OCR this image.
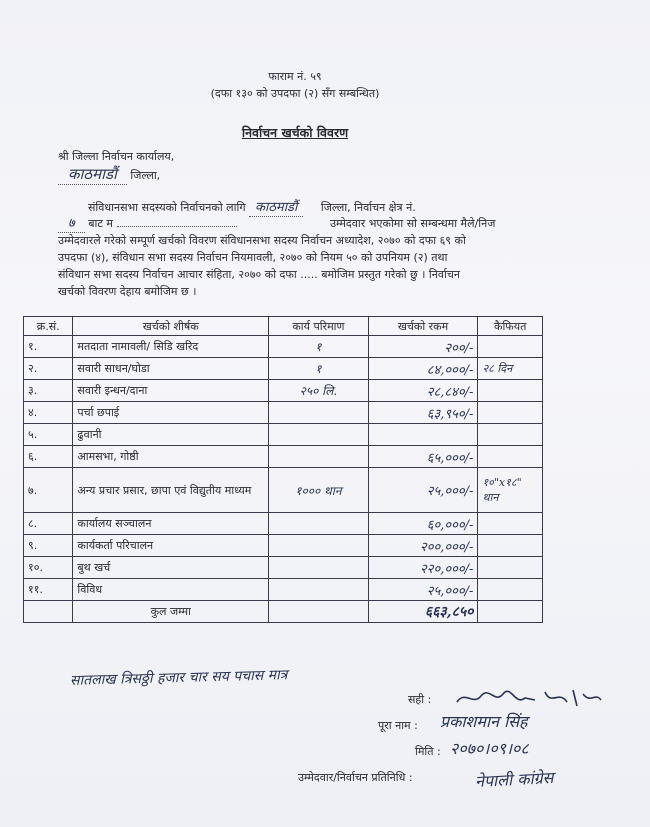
फाराम नं. ५९
(दफा १३० को उपदफा (२) सँग सम्बन्धित)
निर्वाचन खर्चको विवरण
श्री जिल्ला निर्वाचन कार्यालय,
काठमाडौं जिल्ला,
संविधानसभा सदस्यको निर्वाचनको लागि काठमाडौं जिल्ला, निर्वाचन क्षेत्र नं.
७ बाट म	उम्मेदवार भएकोमा सो सम्बन्धमा मैले/निज
उम्मेदवारले गरेको सम्पूर्ण खर्चको विवरण संविधानसभा सदस्य निर्वाचन अध्यादेश, २०७० को दफा ६९ को
उपदफा (४), संविधान सभा सदस्य निर्वाचन नियमावली, २०७० को नियम ५० को उपनियम (२) तथा
संविधान सभा सदस्य निर्वाचन आचार संहिता, २०७० को दफा ..... बमोजिम प्रस्तुत गरेको छु । निर्वाचन
खर्चको विवरण देहाय बमोजिम छ ।
क्र.सं.	खर्चको शीर्षक	कार्य परिमाण	खर्चको रकम	कैफियत
१.	मतदाता नामावली/ सिडि खरिद	१	२००/-	
२.	सवारी साधन/घोडा	१	८४,०००/-	२८ दिन
३.	सवारी इन्धन/दाना	२५० लि.	२८,८४०/-	
४.	पर्चा छपाई		६३,९५०/-	
५.	ढुवानी			
६.	आमसभा, गोष्ठी		६५,०००/-	
७.	अन्य प्रचार प्रसार, छापा एवं विद्युतीय माध्यम	१००० थान	२५,०००/-	१०"x१८" थान
८.	कार्यालय सञ्चालन		६०,०००/-	
९.	कार्यकर्ता परिचालन		२००,०००/-	
१०.	बुथ खर्च		२२०,०००/-	
११.	विविध		२५,०००/-	
	कुल जम्मा		६६३,८५०	
सातलाख त्रिसठ्ठी हजार चार सय पचास मात्र
सही :
पूरा नाम : प्रकाशमान सिंह
मिति : २०७०।०९।०८
उम्मेदवार/निर्वाचन प्रतिनिधि :	नेपाली कांग्रेस
